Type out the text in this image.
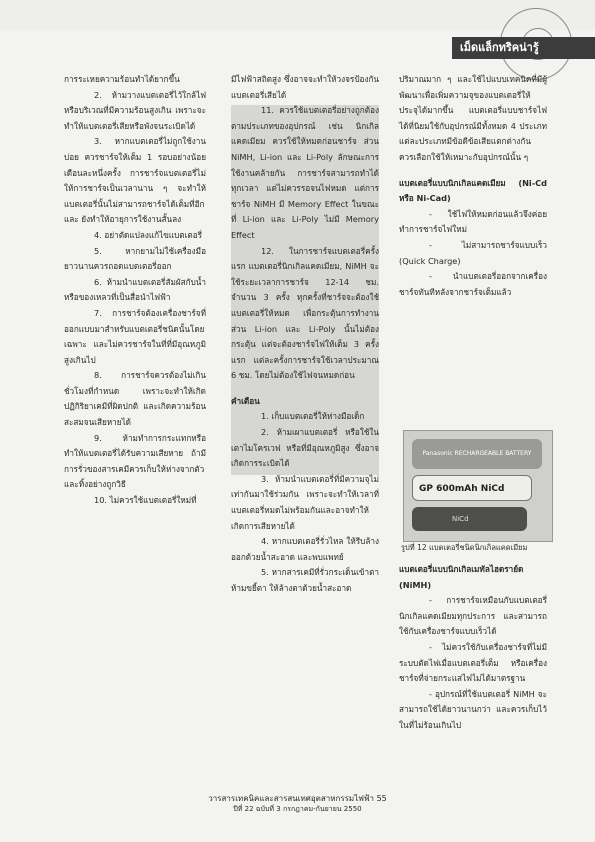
เม็ดแล็กทริคน่ารู้

การระเหยความร้อนทำได้ยากขึ้น

2. ห้ามวางแบตเตอรี่ไว้ใกล้ไฟ หรือบริเวณที่มีความร้อนสูงเกิน เพราะจะทำให้แบตเตอรี่เสียหรือพังจนระเบิดได้

3. หากแบตเตอรี่ไม่ถูกใช้งานบ่อย ควรชาร์จให้เต็ม 1 รอบอย่างน้อยเดือนละหนึ่งครั้ง การชาร์จแบตเตอรี่ไม่ให้การชาร์จเป็นเวลานาน ๆ จะทำให้แบตเตอรี่นั้นไม่สามารถชาร์จได้เต็มที่อีก และ ยังทำให้อายุการใช้งานสั้นลง

4. อย่าตัดแปลงแก้ไขแบตเตอรี่

5. หากยามไม่ใช้เครื่องมือยาวนานควรถอดแบตเตอรี่ออก

6. ห้ามนำแบตเตอรี่สัมผัสกับน้ำหรือของเหลวที่เป็นสื่อนำไฟฟ้า

7. การชาร์จต้องเครื่องชาร์จที่ออกแบบมาสำหรับแบตเตอรี่ชนิดนั้นโดยเฉพาะ และไม่ควรชาร์จในที่ที่มีอุณหภูมิสูงเกินไป

8. การชาร์จควรต้องไม่เกินชั่วโมงที่กำหนด เพราะจะทำให้เกิดปฏิกิริยาเคมีที่ผิดปกติ และเกิดความร้อนสะสมจนเสียหายได้

9. ห้ามทำการกระแทกหรือทำให้แบตเตอรี่ได้รับความเสียหาย ถ้ามีการรั่วของสารเคมีควรเก็บให้ห่างจากตัวและทิ้งอย่างถูกวิธี

10. ไม่ควรใช้แบตเตอรี่ใหม่ที่

มีไฟฟ้าสถิตสูง ซึ่งอาจจะทำให้วงจรป้องกันแบตเตอรี่เสียได้

11. ควรใช้แบตเตอรี่อย่างถูกต้องตามประเภทของอุปกรณ์ เช่น นิกเกิลแคดเมียม ควรใช้ให้หมดก่อนชาร์จ ส่วน NiMH, Li-ion และ Li-Poly ลักษณะการใช้งานคล้ายกัน การชาร์จสามารถทำได้ทุกเวลา แต่ไม่ควรรอจนไฟหมด แต่การชาร์จ NiMH มี Memory Effect ในขณะที่ Li-ion และ Li-Poly ไม่มี Memory Effect

12. ในการชาร์จแบตเตอรี่ครั้งแรก แบตเตอรี่นิกเกิลแคดเมียม, NiMH จะใช้ระยะเวลาการชาร์จ 12-14 ชม. จำนวน 3 ครั้ง ทุกครั้งที่ชาร์จจะต้องใช้แบตเตอรี่ให้หมด เพื่อกระตุ้นการทำงาน ส่วน Li-ion และ Li-Poly นั้นไม่ต้องกระตุ้น แต่จะต้องชาร์จไฟให้เต็ม 3 ครั้งแรก แต่ละครั้งการชาร์จใช้เวลาประมาณ 6 ชม. โดยไม่ต้องใช้ไฟจนหมดก่อน

คำเตือน

1. เก็บแบตเตอรี่ให้ห่างมือเด็ก

2. ห้ามเผาแบตเตอรี่ หรือใช้ในเตาไมโครเวฟ หรือที่มีอุณหภูมิสูง ซึ่งอาจเกิดการระเบิดได้

3. ห้ามนำแบตเตอรี่ที่มีความจุไม่เท่ากันมาใช้ร่วมกัน เพราะจะทำให้เวลาที่แบตเตอรี่หมดไม่พร้อมกันและอาจทำให้เกิดการเสียหายได้

4. หากแบตเตอรี่รั่วไหล ให้รีบล้างออกด้วยน้ำสะอาด และพบแพทย์

5. หากสารเคมีที่รั่วกระเด็นเข้าตา ห้ามขยี้ตา ให้ล้างตาด้วยน้ำสะอาด

ปริมาณมาก ๆ และใช้ไปแบบเทคนิคที่มีผู้พัฒนาเพื่อเพิ่มความจุของแบตเตอรี่ให้ประจุได้มากขึ้น แบตเตอรี่แบบชาร์จไฟได้ที่นิยมใช้กับอุปกรณ์มีทั้งหมด 4 ประเภท แต่ละประเภทมีข้อดีข้อเสียแตกต่างกัน ควรเลือกใช้ให้เหมาะกับอุปกรณ์นั้น ๆ

แบตเตอรี่แบบนิกเกิลแคดเมียม (Ni-Cd หรือ Ni-Cad)

- ใช้ไฟให้หมดก่อนแล้วจึงค่อยทำการชาร์จไฟใหม่

- ไม่สามารถชาร์จแบบเร็ว (Quick Charge)

- นำแบตเตอรี่ออกจากเครื่องชาร์จทันทีหลังจากชาร์จเต็มแล้ว

Panasonic RECHARGEABLE BATTERY
GP 600mAh NiCd
NiCd
รูปที่ 12 แบตเตอรี่ชนิดนิกเกิลแคดเมียม

แบตเตอรี่แบบนิกเกิลเมทัลไฮดราย์ด (NiMH)

- การชาร์จเหมือนกับแบตเตอรี่นิกเกิลแคดเมียมทุกประการ และสามารถใช้กับเครื่องชาร์จแบบเร็วได้

- ไม่ควรใช้กับเครื่องชาร์จที่ไม่มีระบบตัดไฟเมื่อแบตเตอรี่เต็ม หรือเครื่องชาร์จที่จ่ายกระแสไฟไม่ได้มาตรฐาน

- อุปกรณ์ที่ใช้แบตเตอรี่ NiMH จะสามารถใช้ได้ยาวนานกว่า และควรเก็บไว้ในที่ไม่ร้อนเกินไป

วารสารเทคนิคและสารสนเทศอุตสาหกรรมไฟฟ้า 55
ปีที่ 22 ฉบับที่ 3 กรกฎาคม-กันยายน 2550
